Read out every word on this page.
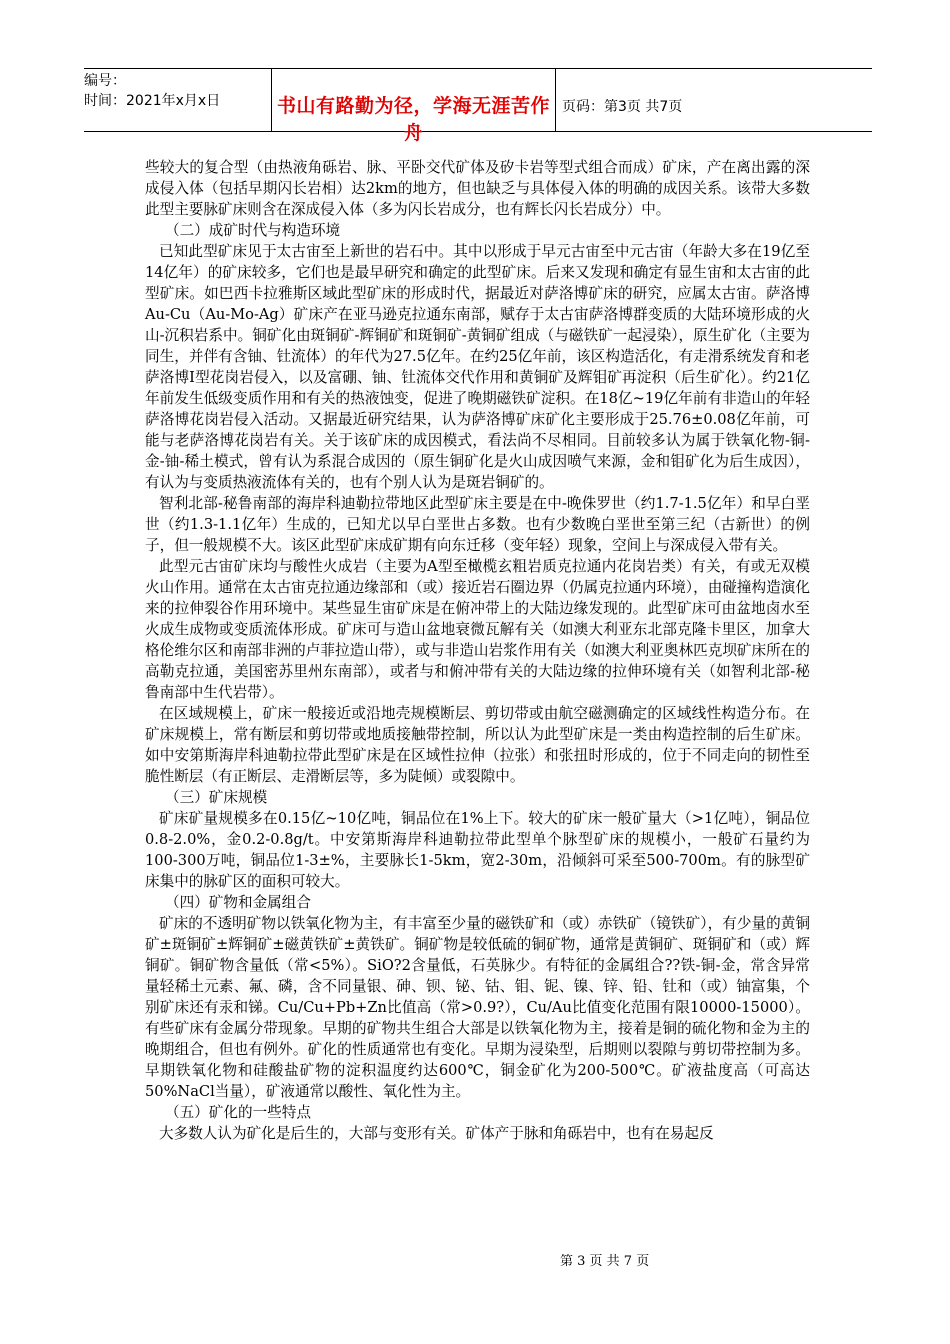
编号：
时间：2021年x月x日	书山有路勤为径，学海无涯苦作舟
页码：第3页 共7页

些较大的复合型（由热液角砾岩、脉、平卧交代矿体及矽卡岩等型式组合而成）矿床，产在离出露的深成侵入体（包括早期闪长岩相）达2km的地方，但也缺乏与具体侵入体的明确的成因关系。该带大多数此型主要脉矿床则含在深成侵入体（多为闪长岩成分，也有辉长闪长岩成分）中。

（二）成矿时代与构造环境

已知此型矿床见于太古宙至上新世的岩石中。其中以形成于早元古宙至中元古宙（年龄大多在19亿至14亿年）的矿床较多，它们也是最早研究和确定的此型矿床。后来又发现和确定有显生宙和太古宙的此型矿床。如巴西卡拉雅斯区域此型矿床的形成时代，据最近对萨洛博矿床的研究，应属太古宙。萨洛博Au-Cu（Au-Mo-Ag）矿床产在亚马逊克拉通东南部，赋存于太古宙萨洛博群变质的大陆环境形成的火山-沉积岩系中。铜矿化由斑铜矿-辉铜矿和斑铜矿-黄铜矿组成（与磁铁矿一起浸染），原生矿化（主要为同生，并伴有含铀、钍流体）的年代为27.5亿年。在约25亿年前，该区构造活化，有走滑系统发育和老萨洛博Ⅰ型花岗岩侵入，以及富硼、铀、钍流体交代作用和黄铜矿及辉钼矿再淀积（后生矿化）。约21亿年前发生低级变质作用和有关的热液蚀变，促进了晚期磁铁矿淀积。在18亿~19亿年前有非造山的年轻萨洛博花岗岩侵入活动。又据最近研究结果，认为萨洛博矿床矿化主要形成于25.76±0.08亿年前，可能与老萨洛博花岗岩有关。关于该矿床的成因模式，看法尚不尽相同。目前较多认为属于铁氧化物-铜-金-铀-稀土模式，曾有认为系混合成因的（原生铜矿化是火山成因喷气来源，金和钼矿化为后生成因），有认为与变质热液流体有关的，也有个别人认为是斑岩铜矿的。

智利北部-秘鲁南部的海岸科迪勒拉带地区此型矿床主要是在中-晚侏罗世（约1.7-1.5亿年）和早白垩世（约1.3-1.1亿年）生成的，已知尤以早白垩世占多数。也有少数晚白垩世至第三纪（古新世）的例子，但一般规模不大。该区此型矿床成矿期有向东迁移（变年轻）现象，空间上与深成侵入带有关。

此型元古宙矿床均与酸性火成岩（主要为A型至橄榄玄粗岩质克拉通内花岗岩类）有关，有或无双模火山作用。通常在太古宙克拉通边缘部和（或）接近岩石圈边界（仍属克拉通内环境），由碰撞构造演化来的拉伸裂谷作用环境中。某些显生宙矿床是在俯冲带上的大陆边缘发现的。此型矿床可由盆地卤水至火成生成物或变质流体形成。矿床可与造山盆地衰微瓦解有关（如澳大利亚东北部克隆卡里区，加拿大格伦维尔区和南部非洲的卢菲拉造山带），或与非造山岩浆作用有关（如澳大利亚奥林匹克坝矿床所在的高勒克拉通，美国密苏里州东南部），或者与和俯冲带有关的大陆边缘的拉伸环境有关（如智利北部-秘鲁南部中生代岩带）。

在区域规模上，矿床一般接近或沿地壳规模断层、剪切带或由航空磁测确定的区域线性构造分布。在矿床规模上，常有断层和剪切带或地质接触带控制，所以认为此型矿床是一类由构造控制的后生矿床。如中安第斯海岸科迪勒拉带此型矿床是在区域性拉伸（拉张）和张扭时形成的，位于不同走向的韧性至脆性断层（有正断层、走滑断层等，多为陡倾）或裂隙中。

（三）矿床规模

矿床矿量规模多在0.15亿~10亿吨，铜品位在1%上下。较大的矿床一般矿量大（>1亿吨），铜品位0.8-2.0%，金0.2-0.8g/t。中安第斯海岸科迪勒拉带此型单个脉型矿床的规模小，一般矿石量约为100-300万吨，铜品位1-3±%，主要脉长1-5km，宽2-30m，沿倾斜可采至500-700m。有的脉型矿床集中的脉矿区的面积可较大。

（四）矿物和金属组合

矿床的不透明矿物以铁氧化物为主，有丰富至少量的磁铁矿和（或）赤铁矿（镜铁矿），有少量的黄铜矿±斑铜矿±辉铜矿±磁黄铁矿±黄铁矿。铜矿物是较低硫的铜矿物，通常是黄铜矿、斑铜矿和（或）辉铜矿。铜矿物含量低（常<5%）。SiO?2含量低，石英脉少。有特征的金属组合??铁-铜-金，常含异常量轻稀土元素、氟、磷，含不同量银、砷、钡、铋、钴、钼、铌、镍、锌、铅、钍和（或）铀富集，个别矿床还有汞和锑。Cu/Cu+Pb+Zn比值高（常>0.9?），Cu/Au比值变化范围有限10000-15000）。有些矿床有金属分带现象。早期的矿物共生组合大部是以铁氧化物为主，接着是铜的硫化物和金为主的晚期组合，但也有例外。矿化的性质通常也有变化。早期为浸染型，后期则以裂隙与剪切带控制为多。早期铁氧化物和硅酸盐矿物的淀积温度约达600℃，铜金矿化为200-500℃。矿液盐度高（可高达50%NaCl当量），矿液通常以酸性、氧化性为主。

（五）矿化的一些特点

大多数人认为矿化是后生的，大部与变形有关。矿体产于脉和角砾岩中，也有在易起反

第 3 页 共 7 页
